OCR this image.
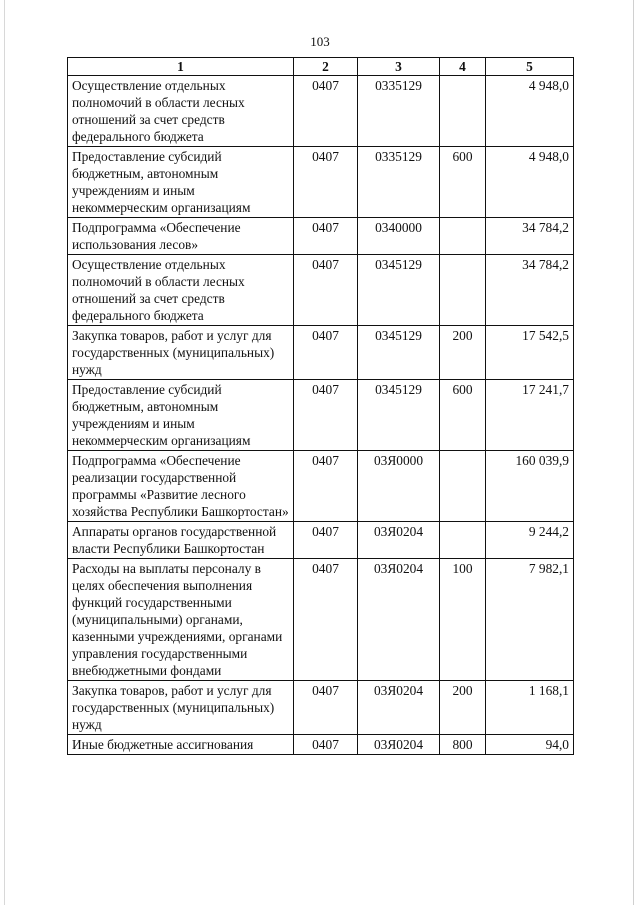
103
1	2	3	4	5
Осуществление отдельных полномочий в области лесных отношений за счет средств федерального бюджета	0407	0335129		4 948,0
Предоставление субсидий бюджетным, автономным учреждениям и иным некоммерческим организациям	0407	0335129	600	4 948,0
Подпрограмма «Обеспечение использования лесов»	0407	0340000		34 784,2
Осуществление отдельных полномочий в области лесных отношений за счет средств федерального бюджета	0407	0345129		34 784,2
Закупка товаров, работ и услуг для государственных (муниципальных) нужд	0407	0345129	200	17 542,5
Предоставление субсидий бюджетным, автономным учреждениям и иным некоммерческим организациям	0407	0345129	600	17 241,7
Подпрограмма «Обеспечение реализации государственной программы «Развитие лесного хозяйства Республики Башкортостан»	0407	03Я0000		160 039,9
Аппараты органов государственной власти Республики Башкортостан	0407	03Я0204		9 244,2
Расходы на выплаты персоналу в целях обеспечения выполнения функций государственными (муниципальными) органами, казенными учреждениями, органами управления государственными внебюджетными фондами	0407	03Я0204	100	7 982,1
Закупка товаров, работ и услуг для государственных (муниципальных) нужд	0407	03Я0204	200	1 168,1
Иные бюджетные ассигнования	0407	03Я0204	800	94,0
